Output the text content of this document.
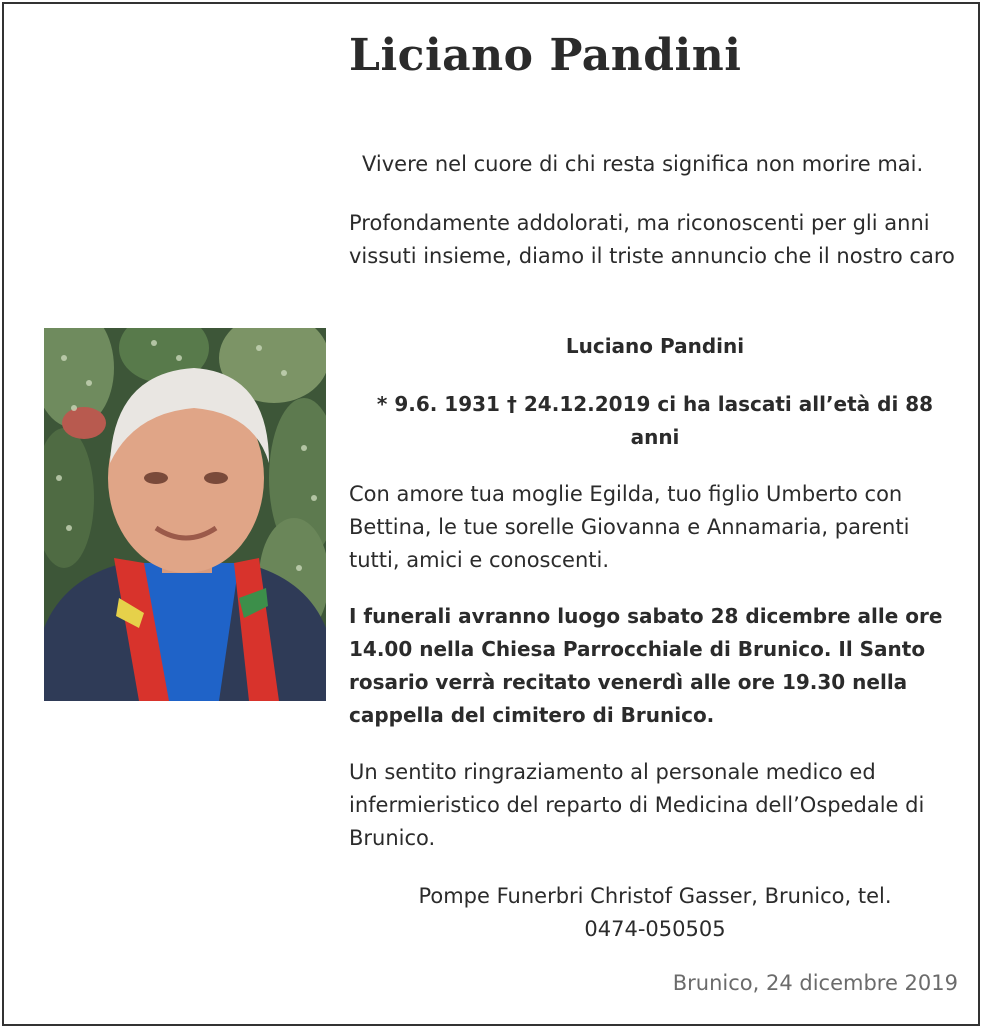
Liciano Pandini
Vivere nel cuore di chi resta significa non morire mai.
Profondamente addolorati, ma riconoscenti per gli anni vissuti insieme, diamo il triste annuncio che il nostro caro
Luciano Pandini
* 9.6. 1931 † 24.12.2019 ci ha lascati all’età di 88
anni
Con amore tua moglie Egilda, tuo figlio Umberto con Bettina, le tue sorelle Giovanna e Annamaria, parenti tutti, amici e conoscenti.
I funerali avranno luogo sabato 28 dicembre alle ore 14.00 nella Chiesa Parrocchiale di Brunico. Il Santo rosario verrà recitato venerdì alle ore 19.30 nella cappella del cimitero di Brunico.
Un sentito ringraziamento al personale medico ed infermieristico del reparto di Medicina dell’Ospedale di Brunico.
Pompe Funerbri Christof Gasser, Brunico, tel.
0474-050505
Brunico, 24 dicembre 2019
